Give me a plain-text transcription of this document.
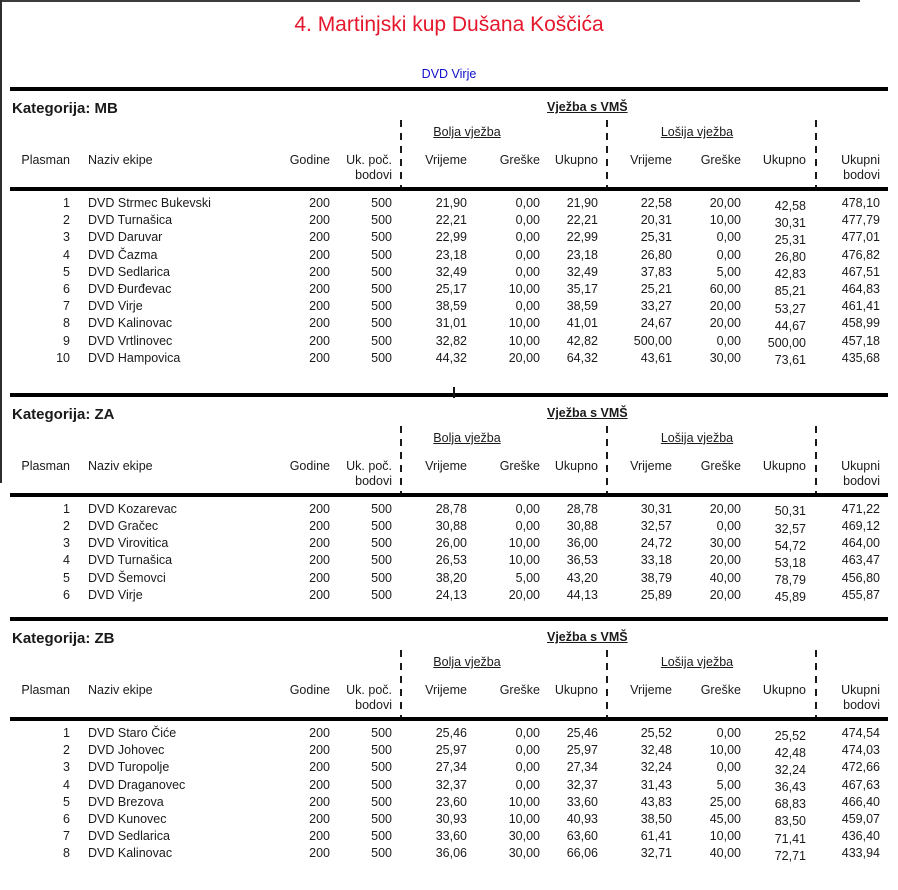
4. Martinjski kup Dušana Koščića
DVD Virje
Kategorija: MB	Vježba s VMŠ
Bolja vježba	Lošija vježba
Plasman	Naziv ekipe	Godine	Uk. poč.	Vrijeme	Greške	Ukupno	Vrijeme	Greške	Ukupno	Ukupni
bodovi	bodovi
1	DVD Strmec Bukevski	200	500	21,90	0,00	21,90	22,58	20,00	42,58	478,10
2	DVD Turnašica	200	500	22,21	0,00	22,21	20,31	10,00	30,31	477,79
3	DVD Daruvar	200	500	22,99	0,00	22,99	25,31	0,00	25,31	477,01
4	DVD Čazma	200	500	23,18	0,00	23,18	26,80	0,00	26,80	476,82
5	DVD Sedlarica	200	500	32,49	0,00	32,49	37,83	5,00	42,83	467,51
6	DVD Đurđevac	200	500	25,17	10,00	35,17	25,21	60,00	85,21	464,83
7	DVD Virje	200	500	38,59	0,00	38,59	33,27	20,00	53,27	461,41
8	DVD Kalinovac	200	500	31,01	10,00	41,01	24,67	20,00	44,67	458,99
9	DVD Vrtlinovec	200	500	32,82	10,00	42,82	500,00	0,00	500,00	457,18
10	DVD Hampovica	200	500	44,32	20,00	64,32	43,61	30,00	73,61	435,68
Kategorija: ZA	Vježba s VMŠ
Bolja vježba	Lošija vježba
Plasman	Naziv ekipe	Godine	Uk. poč.	Vrijeme	Greške	Ukupno	Vrijeme	Greške	Ukupno	Ukupni
bodovi	bodovi
1	DVD Kozarevac	200	500	28,78	0,00	28,78	30,31	20,00	50,31	471,22
2	DVD Gračec	200	500	30,88	0,00	30,88	32,57	0,00	32,57	469,12
3	DVD Virovitica	200	500	26,00	10,00	36,00	24,72	30,00	54,72	464,00
4	DVD Turnašica	200	500	26,53	10,00	36,53	33,18	20,00	53,18	463,47
5	DVD Šemovci	200	500	38,20	5,00	43,20	38,79	40,00	78,79	456,80
6	DVD Virje	200	500	24,13	20,00	44,13	25,89	20,00	45,89	455,87
Kategorija: ZB	Vježba s VMŠ
Bolja vježba	Lošija vježba
Plasman	Naziv ekipe	Godine	Uk. poč.	Vrijeme	Greške	Ukupno	Vrijeme	Greške	Ukupno	Ukupni
bodovi	bodovi
1	DVD Staro Čiće	200	500	25,46	0,00	25,46	25,52	0,00	25,52	474,54
2	DVD Johovec	200	500	25,97	0,00	25,97	32,48	10,00	42,48	474,03
3	DVD Turopolje	200	500	27,34	0,00	27,34	32,24	0,00	32,24	472,66
4	DVD Draganovec	200	500	32,37	0,00	32,37	31,43	5,00	36,43	467,63
5	DVD Brezova	200	500	23,60	10,00	33,60	43,83	25,00	68,83	466,40
6	DVD Kunovec	200	500	30,93	10,00	40,93	38,50	45,00	83,50	459,07
7	DVD Sedlarica	200	500	33,60	30,00	63,60	61,41	10,00	71,41	436,40
8	DVD Kalinovac	200	500	36,06	30,00	66,06	32,71	40,00	72,71	433,94
